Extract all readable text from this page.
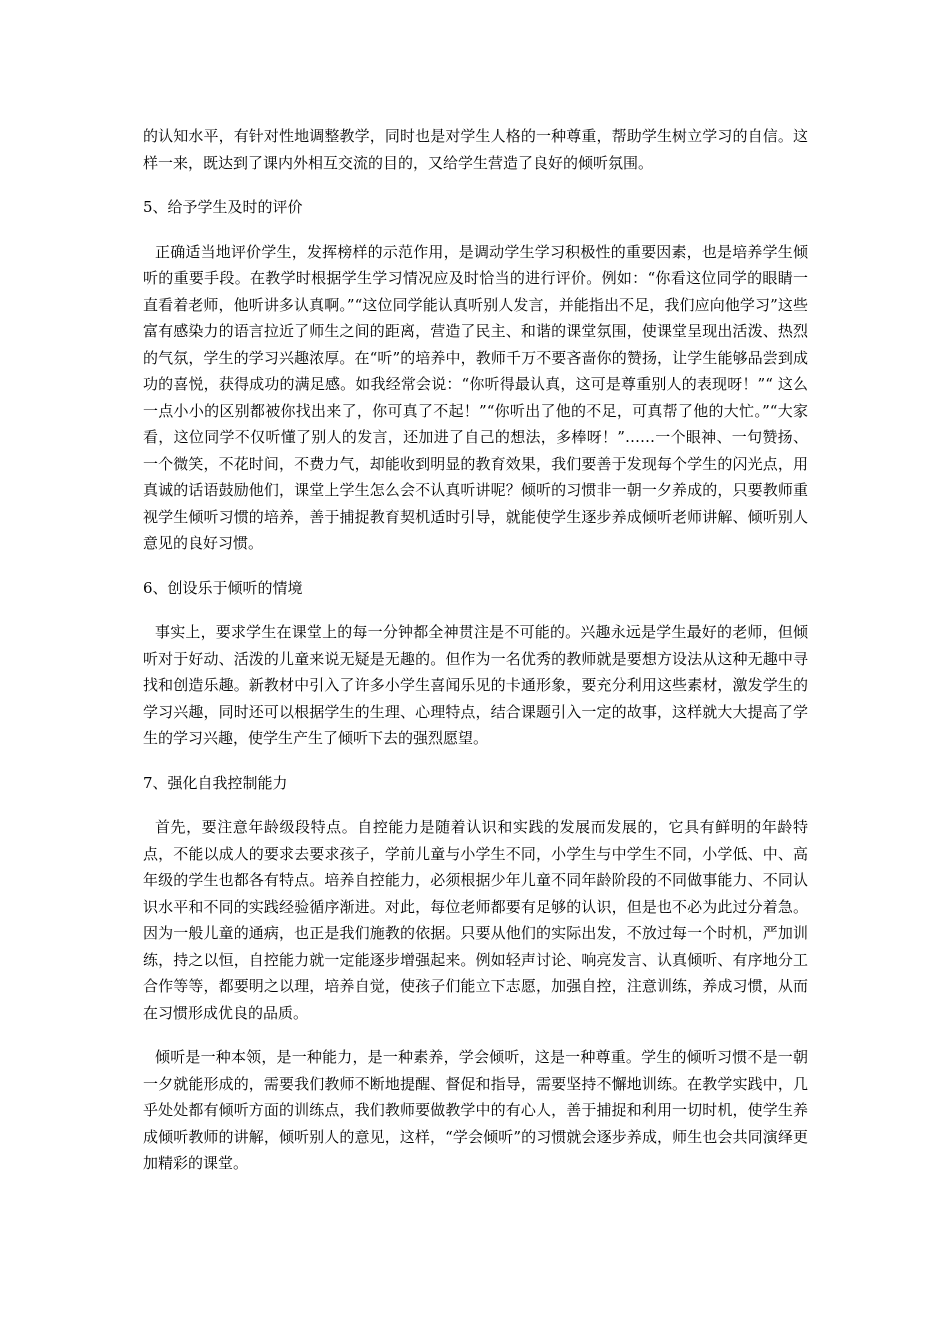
的认知水平，有针对性地调整教学，同时也是对学生人格的一种尊重，帮助学生树立学习的自信。这样一来，既达到了课内外相互交流的目的，又给学生营造了良好的倾听氛围。

5、给予学生及时的评价

正确适当地评价学生，发挥榜样的示范作用，是调动学生学习积极性的重要因素，也是培养学生倾听的重要手段。在教学时根据学生学习情况应及时恰当的进行评价。例如：“你看这位同学的眼睛一直看着老师，他听讲多认真啊。”“这位同学能认真听别人发言，并能指出不足，我们应向他学习”这些富有感染力的语言拉近了师生之间的距离，营造了民主、和谐的课堂氛围，使课堂呈现出活泼、热烈的气氛，学生的学习兴趣浓厚。在“听”的培养中，教师千万不要吝啬你的赞扬，让学生能够品尝到成功的喜悦，获得成功的满足感。如我经常会说：“你听得最认真，这可是尊重别人的表现呀！”“ 这么一点小小的区别都被你找出来了，你可真了不起！”“你听出了他的不足，可真帮了他的大忙。”“大家看，这位同学不仅听懂了别人的发言，还加进了自己的想法，多棒呀！”……一个眼神、一句赞扬、一个微笑，不花时间，不费力气，却能收到明显的教育效果，我们要善于发现每个学生的闪光点，用真诚的话语鼓励他们，课堂上学生怎么会不认真听讲呢？倾听的习惯非一朝一夕养成的，只要教师重视学生倾听习惯的培养，善于捕捉教育契机适时引导，就能使学生逐步养成倾听老师讲解、倾听别人意见的良好习惯。

6、创设乐于倾听的情境

事实上，要求学生在课堂上的每一分钟都全神贯注是不可能的。兴趣永远是学生最好的老师，但倾听对于好动、活泼的儿童来说无疑是无趣的。但作为一名优秀的教师就是要想方设法从这种无趣中寻找和创造乐趣。新教材中引入了许多小学生喜闻乐见的卡通形象，要充分利用这些素材，激发学生的学习兴趣，同时还可以根据学生的生理、心理特点，结合课题引入一定的故事，这样就大大提高了学生的学习兴趣，使学生产生了倾听下去的强烈愿望。

7、强化自我控制能力

首先，要注意年龄级段特点。自控能力是随着认识和实践的发展而发展的，它具有鲜明的年龄特点，不能以成人的要求去要求孩子，学前儿童与小学生不同，小学生与中学生不同，小学低、中、高年级的学生也都各有特点。培养自控能力，必须根据少年儿童不同年龄阶段的不同做事能力、不同认识水平和不同的实践经验循序渐进。对此，每位老师都要有足够的认识，但是也不必为此过分着急。因为一般儿童的通病，也正是我们施教的依据。只要从他们的实际出发，不放过每一个时机，严加训练，持之以恒，自控能力就一定能逐步增强起来。例如轻声讨论、响亮发言、认真倾听、有序地分工合作等等，都要明之以理，培养自觉，使孩子们能立下志愿，加强自控，注意训练，养成习惯，从而在习惯形成优良的品质。

倾听是一种本领，是一种能力，是一种素养，学会倾听，这是一种尊重。学生的倾听习惯不是一朝一夕就能形成的，需要我们教师不断地提醒、督促和指导，需要坚持不懈地训练。在教学实践中，几乎处处都有倾听方面的训练点，我们教师要做教学中的有心人，善于捕捉和利用一切时机，使学生养成倾听教师的讲解，倾听别人的意见，这样，“学会倾听”的习惯就会逐步养成，师生也会共同演绎更加精彩的课堂。
